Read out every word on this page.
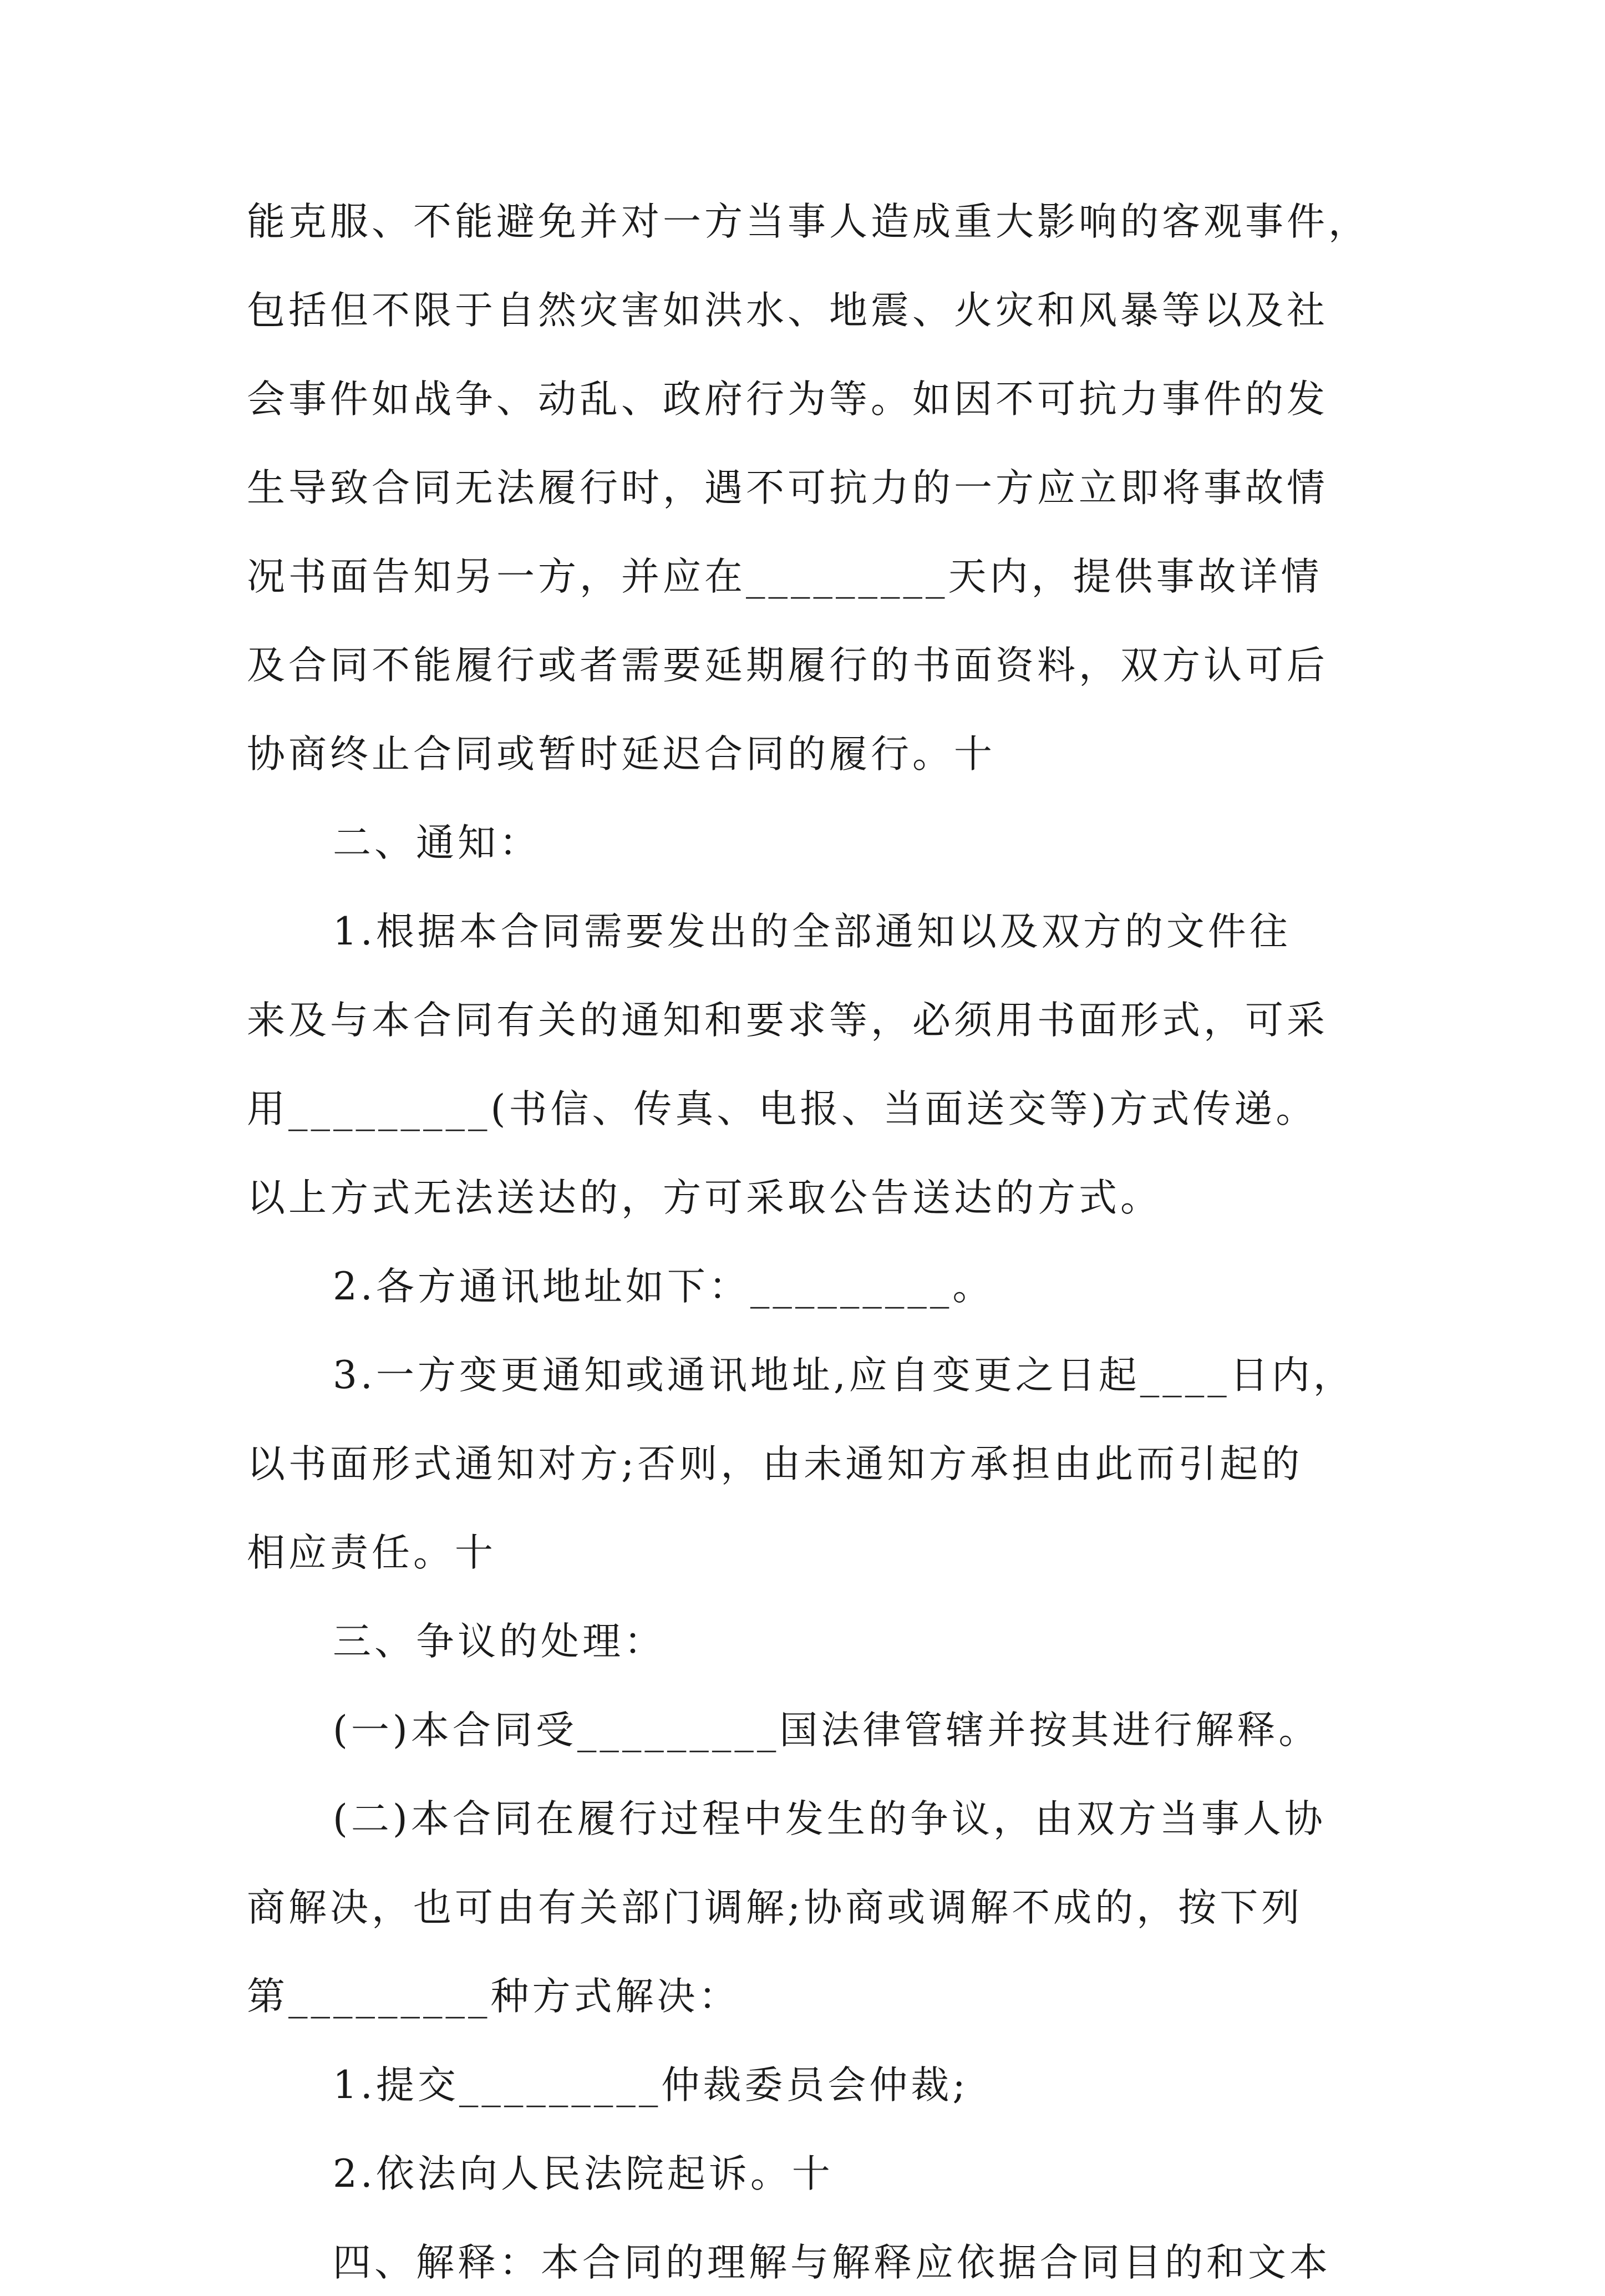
能克服、不能避免并对一方当事人造成重大影响的客观事件，
包括但不限于自然灾害如洪水、地震、火灾和风暴等以及社
会事件如战争、动乱、政府行为等。如因不可抗力事件的发
生导致合同无法履行时，遇不可抗力的一方应立即将事故情
况书面告知另一方，并应在_________天内，提供事故详情
及合同不能履行或者需要延期履行的书面资料，双方认可后
协商终止合同或暂时延迟合同的履行。十
二、通知：
1.根据本合同需要发出的全部通知以及双方的文件往
来及与本合同有关的通知和要求等，必须用书面形式，可采
用_________(书信、传真、电报、当面送交等)方式传递。
以上方式无法送达的，方可采取公告送达的方式。
2.各方通讯地址如下：_________。
3.一方变更通知或通讯地址,应自变更之日起____日内，
以书面形式通知对方;否则，由未通知方承担由此而引起的
相应责任。十
三、争议的处理：
(一)本合同受_________国法律管辖并按其进行解释。
(二)本合同在履行过程中发生的争议，由双方当事人协
商解决，也可由有关部门调解;协商或调解不成的，按下列
第_________种方式解决：
1.提交_________仲裁委员会仲裁;
2.依法向人民法院起诉。十
四、解释：本合同的理解与解释应依据合同目的和文本
